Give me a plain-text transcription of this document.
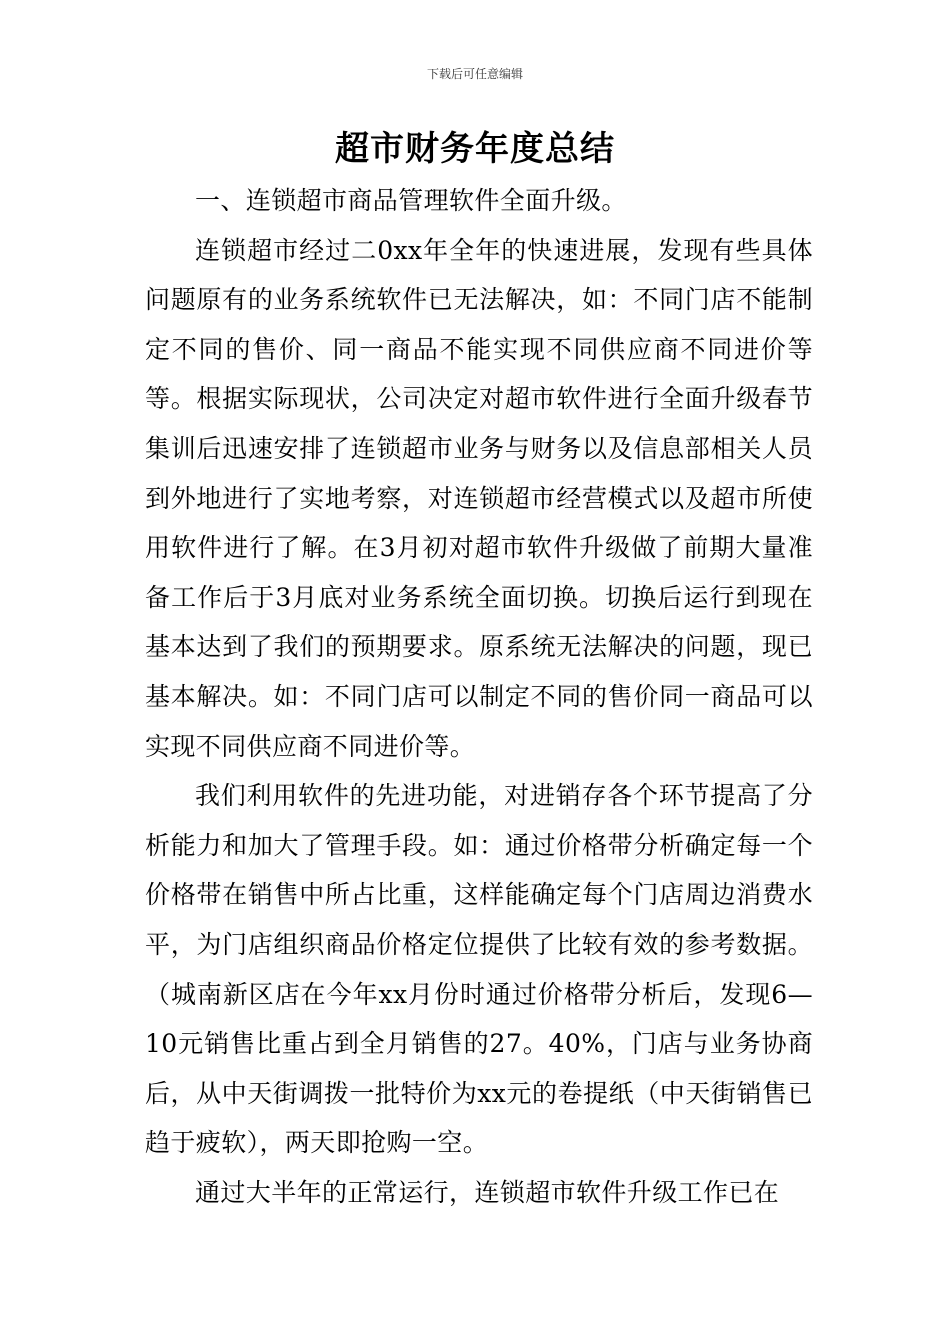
下载后可任意编辑
超市财务年度总结

一、连锁超市商品管理软件全面升级。

连锁超市经过二0xx年全年的快速进展，发现有些具体问题原有的业务系统软件已无法解决，如：不同门店不能制定不同的售价、同一商品不能实现不同供应商不同进价等等。根据实际现状，公司决定对超市软件进行全面升级春节集训后迅速安排了连锁超市业务与财务以及信息部相关人员到外地进行了实地考察，对连锁超市经营模式以及超市所使用软件进行了解。在3月初对超市软件升级做了前期大量准备工作后于3月底对业务系统全面切换。切换后运行到现在基本达到了我们的预期要求。原系统无法解决的问题，现已基本解决。如：不同门店可以制定不同的售价同一商品可以实现不同供应商不同进价等。

我们利用软件的先进功能，对进销存各个环节提高了分析能力和加大了管理手段。如：通过价格带分析确定每一个价格带在销售中所占比重，这样能确定每个门店周边消费水平，为门店组织商品价格定位提供了比较有效的参考数据。（城南新区店在今年xx月份时通过价格带分析后，发现6—10元销售比重占到全月销售的27。40%，门店与业务协商后，从中天街调拨一批特价为xx元的卷提纸（中天街销售已趋于疲软），两天即抢购一空。

通过大半年的正常运行，连锁超市软件升级工作已在
